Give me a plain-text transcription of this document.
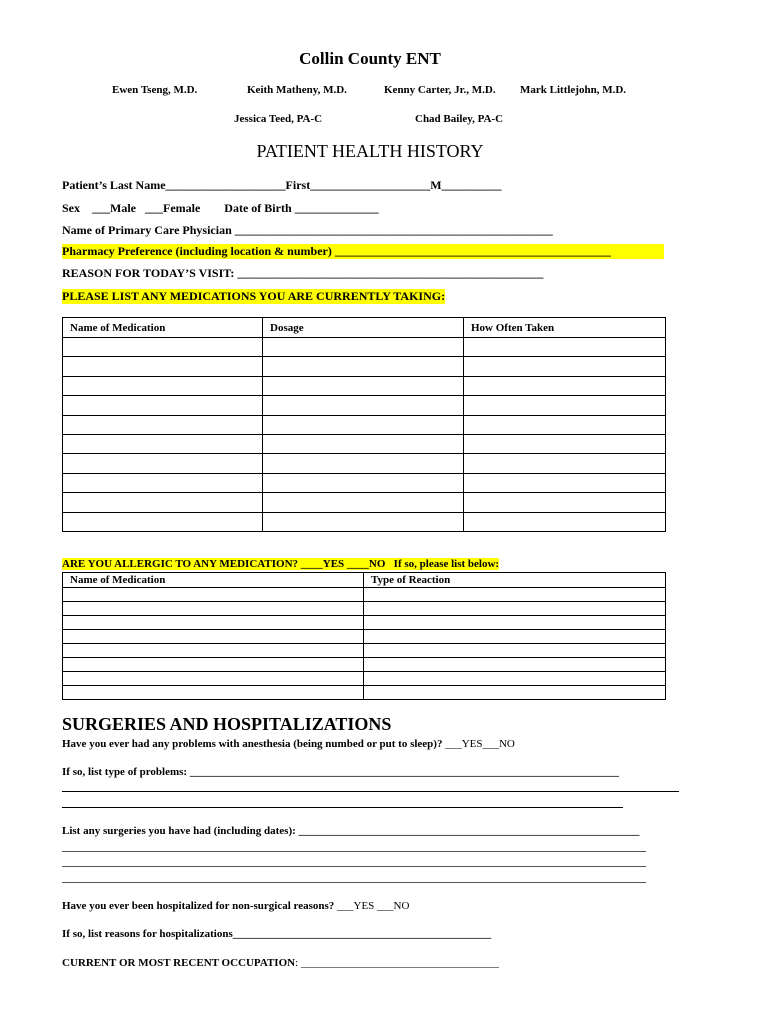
Collin County ENT
Ewen Tseng, M.D.	Keith Matheny, M.D.	Kenny Carter, Jr., M.D. Mark Littlejohn, M.D.
Jessica Teed, PA-C	Chad Bailey, PA-C
PATIENT HEALTH HISTORY
Patient’s Last Name____________________First____________________M__________
Sex    ___Male   ___Female        Date of Birth ______________
Name of Primary Care Physician _____________________________________________________
Pharmacy Preference (including location & number) ______________________________________________
REASON FOR TODAY’S VISIT: ___________________________________________________
PLEASE LIST ANY MEDICATIONS YOU ARE CURRENTLY TAKING:
Name of Medication	Dosage	How Often Taken

ARE YOU ALLERGIC TO ANY MEDICATION? ____YES ____NO   If so, please list below:
Name of Medication	Type of Reaction

SURGERIES AND HOSPITALIZATIONS
Have you ever had any problems with anesthesia (being numbed or put to sleep)? ___YES___NO
If so, list type of problems: ______________________________________________________________________________
List any surgeries you have had (including dates): ______________________________________________________________
Have you ever been hospitalized for non-surgical reasons? ___YES ___NO
If so, list reasons for hospitalizations_______________________________________________
CURRENT OR MOST RECENT OCCUPATION: ____________________________________
